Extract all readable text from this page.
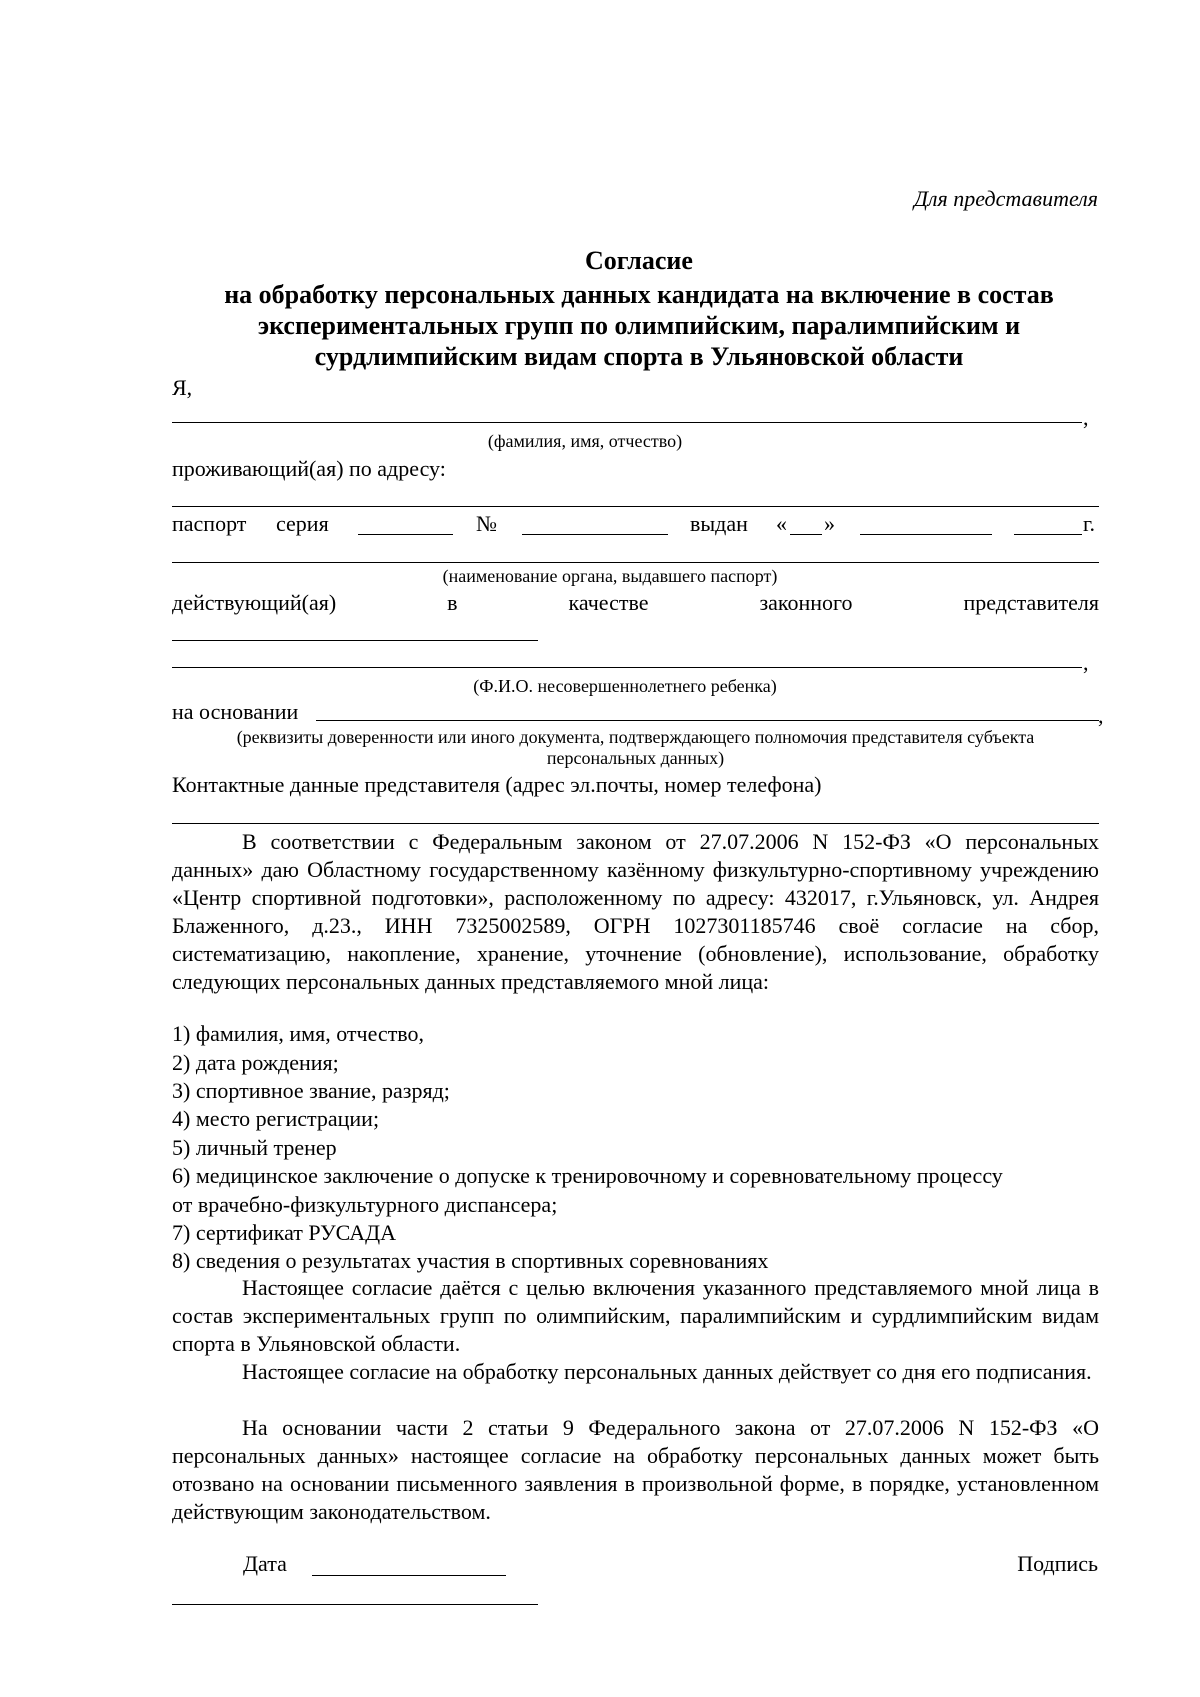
Для представителя
Согласие
на обработку персональных данных кандидата на включение в состав
экспериментальных групп по олимпийским, паралимпийским и
сурдлимпийским видам спорта в Ульяновской области
Я,
,
(фамилия, имя, отчество)
проживающий(ая) по адресу:
паспорт серия	№	выдан « »	г.
(наименование органа, выдавшего паспорт)
действующий(ая)	в	качестве	законного	представителя
,
(Ф.И.О. несовершеннолетнего ребенка)
на основании	,
(реквизиты доверенности или иного документа, подтверждающего полномочия представителя субъекта
персональных данных)
Контактные данные представителя (адрес эл.почты, номер телефона)
В соответствии с Федеральным законом от 27.07.2006 N 152-ФЗ «О персональных данных» даю Областному государственному казённому физкультурно-спортивному учреждению «Центр спортивной подготовки», расположенному по адресу: 432017, г.Ульяновск, ул. Андрея Блаженного, д.23., ИНН 7325002589, ОГРН 1027301185746 своё согласие на сбор, систематизацию, накопление, хранение, уточнение (обновление), использование, обработку следующих персональных данных представляемого мной лица:
1) фамилия, имя, отчество,
2) дата рождения;
3) спортивное звание, разряд;
4) место регистрации;
5) личный тренер
6) медицинское заключение о допуске к тренировочному и соревновательному процессу
от врачебно-физкультурного диспансера;
7) сертификат РУСАДА
8) сведения о результатах участия в спортивных соревнованиях
Настоящее согласие даётся с целью включения указанного представляемого мной лица в состав экспериментальных групп по олимпийским, паралимпийским и сурдлимпийским видам спорта в Ульяновской области.
Настоящее согласие на обработку персональных данных действует со дня его подписания.
На основании части 2 статьи 9 Федерального закона от 27.07.2006 N 152-ФЗ «О персональных данных» настоящее согласие на обработку персональных данных может быть отозвано на основании письменного заявления в произвольной форме, в порядке, установленном действующим законодательством.
Дата	Подпись
